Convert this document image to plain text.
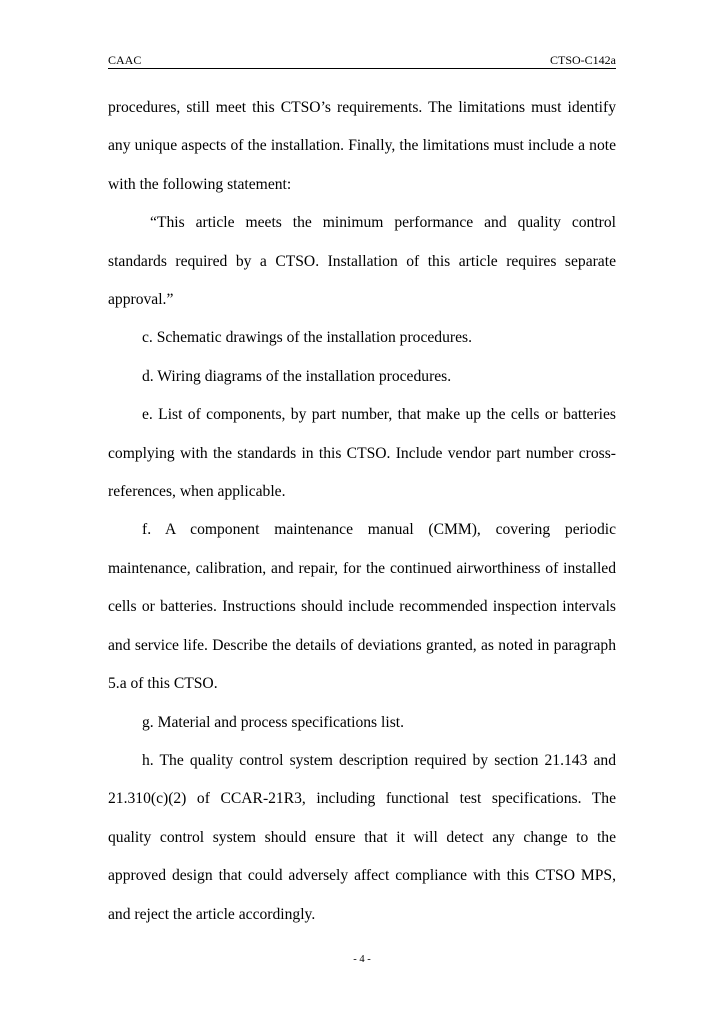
CAAC	CTSO-C142a

procedures, still meet this CTSO’s requirements. The limitations must identify any unique aspects of the installation. Finally, the limitations must include a note with the following statement:

“This article meets the minimum performance and quality control standards required by a CTSO. Installation of this article requires separate approval.”

c. Schematic drawings of the installation procedures.

d. Wiring diagrams of the installation procedures.

e. List of components, by part number, that make up the cells or batteries complying with the standards in this CTSO. Include vendor part number cross-references, when applicable.

f. A component maintenance manual (CMM), covering periodic maintenance, calibration, and repair, for the continued airworthiness of installed cells or batteries. Instructions should include recommended inspection intervals and service life. Describe the details of deviations granted, as noted in paragraph 5.a of this CTSO.

g. Material and process specifications list.

h. The quality control system description required by section 21.143 and 21.310(c)(2) of CCAR-21R3, including functional test specifications. The quality control system should ensure that it will detect any change to the approved design that could adversely affect compliance with this CTSO MPS, and reject the article accordingly.

- 4 -
